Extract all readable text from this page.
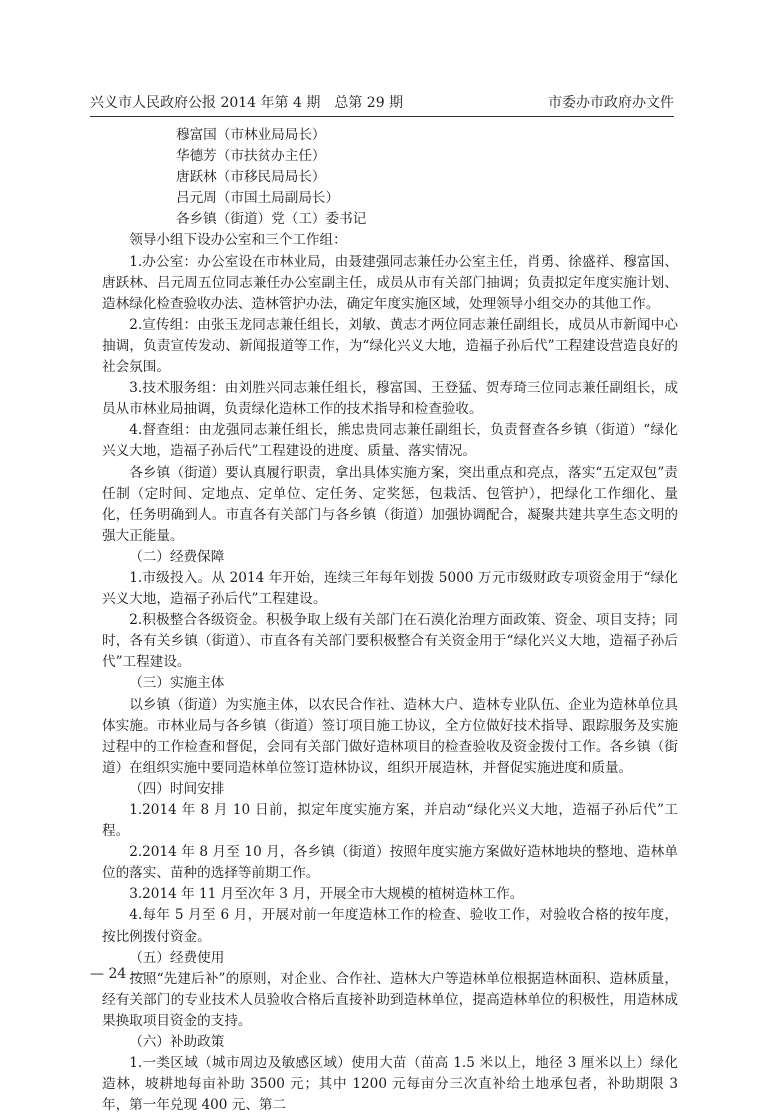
兴义市人民政府公报 2014 年第 4 期　总第 29 期	市委办市政府办文件

穆富国（市林业局局长）

华德芳（市扶贫办主任）

唐跃林（市移民局局长）

吕元周（市国土局副局长）

各乡镇（街道）党（工）委书记

领导小组下设办公室和三个工作组：

1.办公室：办公室设在市林业局，由聂建强同志兼任办公室主任，肖勇、徐盛祥、穆富国、唐跃林、吕元周五位同志兼任办公室副主任，成员从市有关部门抽调；负责拟定年度实施计划、造林绿化检查验收办法、造林管护办法，确定年度实施区域，处理领导小组交办的其他工作。

2.宣传组：由张玉龙同志兼任组长，刘敏、黄志才两位同志兼任副组长，成员从市新闻中心抽调，负责宣传发动、新闻报道等工作，为“绿化兴义大地，造福子孙后代”工程建设营造良好的社会氛围。

3.技术服务组：由刘胜兴同志兼任组长，穆富国、王登猛、贺寿琦三位同志兼任副组长，成员从市林业局抽调，负责绿化造林工作的技术指导和检查验收。

4.督查组：由龙强同志兼任组长，熊忠贵同志兼任副组长，负责督查各乡镇（街道）“绿化兴义大地，造福子孙后代”工程建设的进度、质量、落实情况。

各乡镇（街道）要认真履行职责，拿出具体实施方案，突出重点和亮点，落实“五定双包”责任制（定时间、定地点、定单位、定任务、定奖惩，包栽活、包管护），把绿化工作细化、量化，任务明确到人。市直各有关部门与各乡镇（街道）加强协调配合，凝聚共建共享生态文明的强大正能量。

（二）经费保障

1.市级投入。从 2014 年开始，连续三年每年划拨 5000 万元市级财政专项资金用于“绿化兴义大地，造福子孙后代”工程建设。

2.积极整合各级资金。积极争取上级有关部门在石漠化治理方面政策、资金、项目支持；同时，各有关乡镇（街道）、市直各有关部门要积极整合有关资金用于“绿化兴义大地，造福子孙后代”工程建设。

（三）实施主体

以乡镇（街道）为实施主体，以农民合作社、造林大户、造林专业队伍、企业为造林单位具体实施。市林业局与各乡镇（街道）签订项目施工协议，全方位做好技术指导、跟踪服务及实施过程中的工作检查和督促，会同有关部门做好造林项目的检查验收及资金拨付工作。各乡镇（街道）在组织实施中要同造林单位签订造林协议，组织开展造林，并督促实施进度和质量。

（四）时间安排

1.2014 年 8 月 10 日前，拟定年度实施方案，并启动“绿化兴义大地，造福子孙后代”工程。

2.2014 年 8 月至 10 月，各乡镇（街道）按照年度实施方案做好造林地块的整地、造林单位的落实、苗种的选择等前期工作。

3.2014 年 11 月至次年 3 月，开展全市大规模的植树造林工作。

4.每年 5 月至 6 月，开展对前一年度造林工作的检查、验收工作，对验收合格的按年度，按比例拨付资金。

（五）经费使用

按照“先建后补”的原则，对企业、合作社、造林大户等造林单位根据造林面积、造林质量，经有关部门的专业技术人员验收合格后直接补助到造林单位，提高造林单位的积极性，用造林成果换取项目资金的支持。

（六）补助政策

1.一类区域（城市周边及敏感区域）使用大苗（苗高 1.5 米以上，地径 3 厘米以上）绿化造林，坡耕地每亩补助 3500 元；其中 1200 元每亩分三次直补给土地承包者，补助期限 3 年，第一年兑现 400 元、第二

— 24 —
